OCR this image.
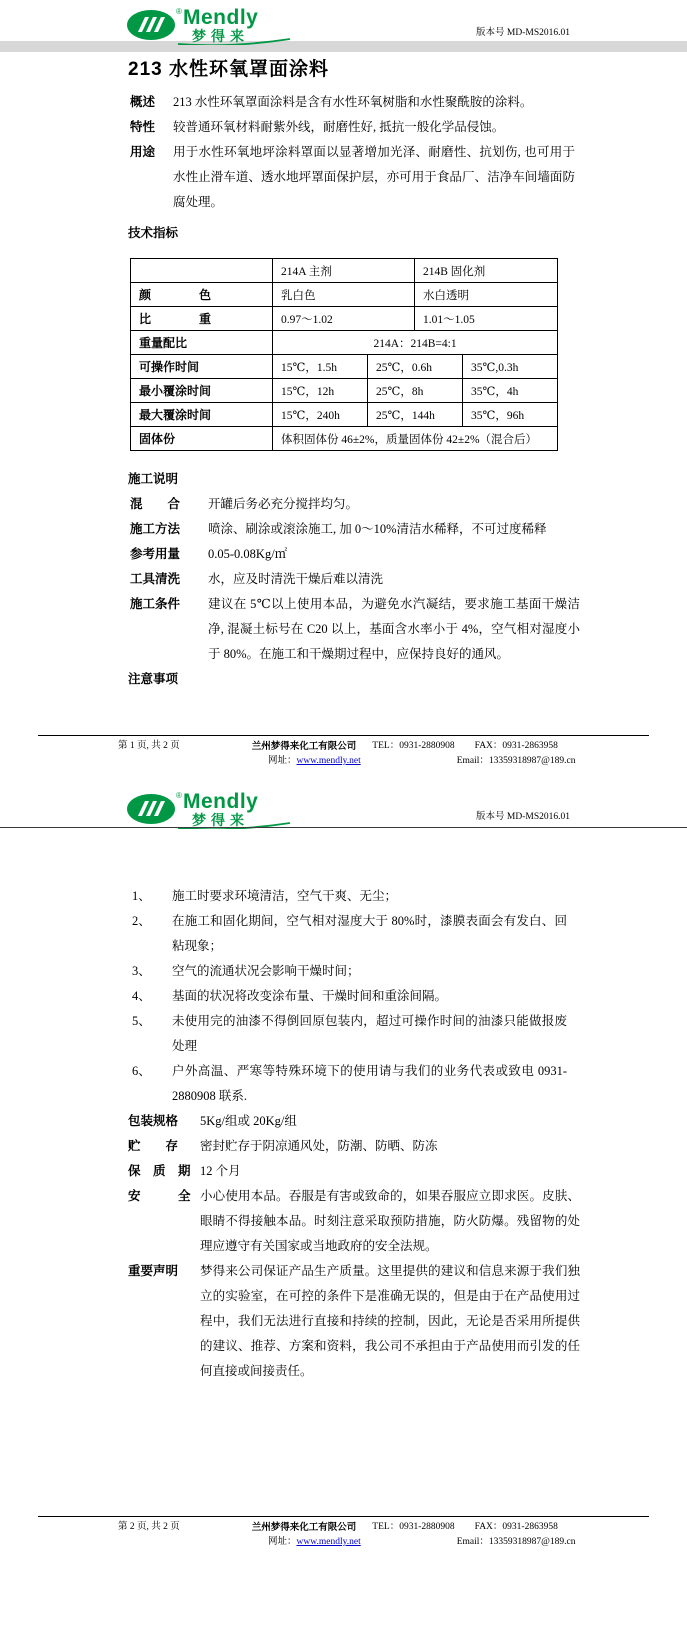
® Mendly
梦得来	版本号 MD-MS2016.01
213 水性环氧罩面涂料
概述	213 水性环氧罩面涂料是含有水性环氧树脂和水性聚酰胺的涂料。
特性	较普通环氧材料耐紫外线，耐磨性好, 抵抗一般化学品侵蚀。
用途	用于水性环氧地坪涂料罩面以显著增加光泽、耐磨性、抗划伤, 也可用于水性止滑车道、透水地坪罩面保护层，亦可用于食品厂、洁净车间墙面防腐处理。
技术指标
	214A 主剂		214B 固化剂	
颜　　　　色	乳白色		水白透明	
比　　　　重	0.97～1.02		1.01～1.05	
重量配比	214A：214B=4:1			
可操作时间	15℃，1.5h	25℃，0.6h		35℃,0.3h
最小覆涂时间	15℃，12h	25℃，8h		35℃，4h
最大覆涂时间	15℃，240h	25℃，144h		35℃，96h
固体份	体积固体份 46±2%，质量固体份 42±2%（混合后）			
施工说明
混　　合	开罐后务必充分搅拌均匀。
施工方法	喷涂、刷涂或滚涂施工, 加 0～10%清洁水稀释，不可过度稀释
参考用量	0.05-0.08Kg/㎡
工具清洗	水，应及时清洗干燥后难以清洗
施工条件	建议在 5℃以上使用本品，为避免水汽凝结，要求施工基面干燥洁净, 混凝土标号在 C20 以上，基面含水率小于 4%，空气相对湿度小于 80%。在施工和干燥期过程中，应保持良好的通风。
注意事项
第 1 页, 共 2 页	兰州梦得来化工有限公司 TEL：0931-2880908 FAX：0931-2863958
网址：www.mendly.net	Email：13359318987@189.cn
® Mendly
梦得来	版本号 MD-MS2016.01
1、	施工时要求环境清洁，空气干爽、无尘；
2、	在施工和固化期间，空气相对湿度大于 80%时，漆膜表面会有发白、回粘现象；
3、	空气的流通状况会影响干燥时间；
4、	基面的状况将改变涂布量、干燥时间和重涂间隔。
5、	未使用完的油漆不得倒回原包装内，超过可操作时间的油漆只能做报废处理
6、	户外高温、严寒等特殊环境下的使用请与我们的业务代表或致电 0931-2880908 联系.
包装规格	5Kg/组或 20Kg/组
贮　　存	密封贮存于阴凉通风处，防潮、防晒、防冻
保　质　期 12 个月
安　　　全 小心使用本品。吞服是有害或致命的，如果吞服应立即求医。皮肤、眼睛不得接触本品。时刻注意采取预防措施，防火防爆。残留物的处理应遵守有关国家或当地政府的安全法规。
重要声明	梦得来公司保证产品生产质量。这里提供的建议和信息来源于我们独立的实验室，在可控的条件下是准确无误的，但是由于在产品使用过程中，我们无法进行直接和持续的控制，因此，无论是否采用所提供的建议、推荐、方案和资料，我公司不承担由于产品使用而引发的任何直接或间接责任。
第 2 页, 共 2 页	兰州梦得来化工有限公司 TEL：0931-2880908 FAX：0931-2863958
网址：www.mendly.net	Email：13359318987@189.cn
